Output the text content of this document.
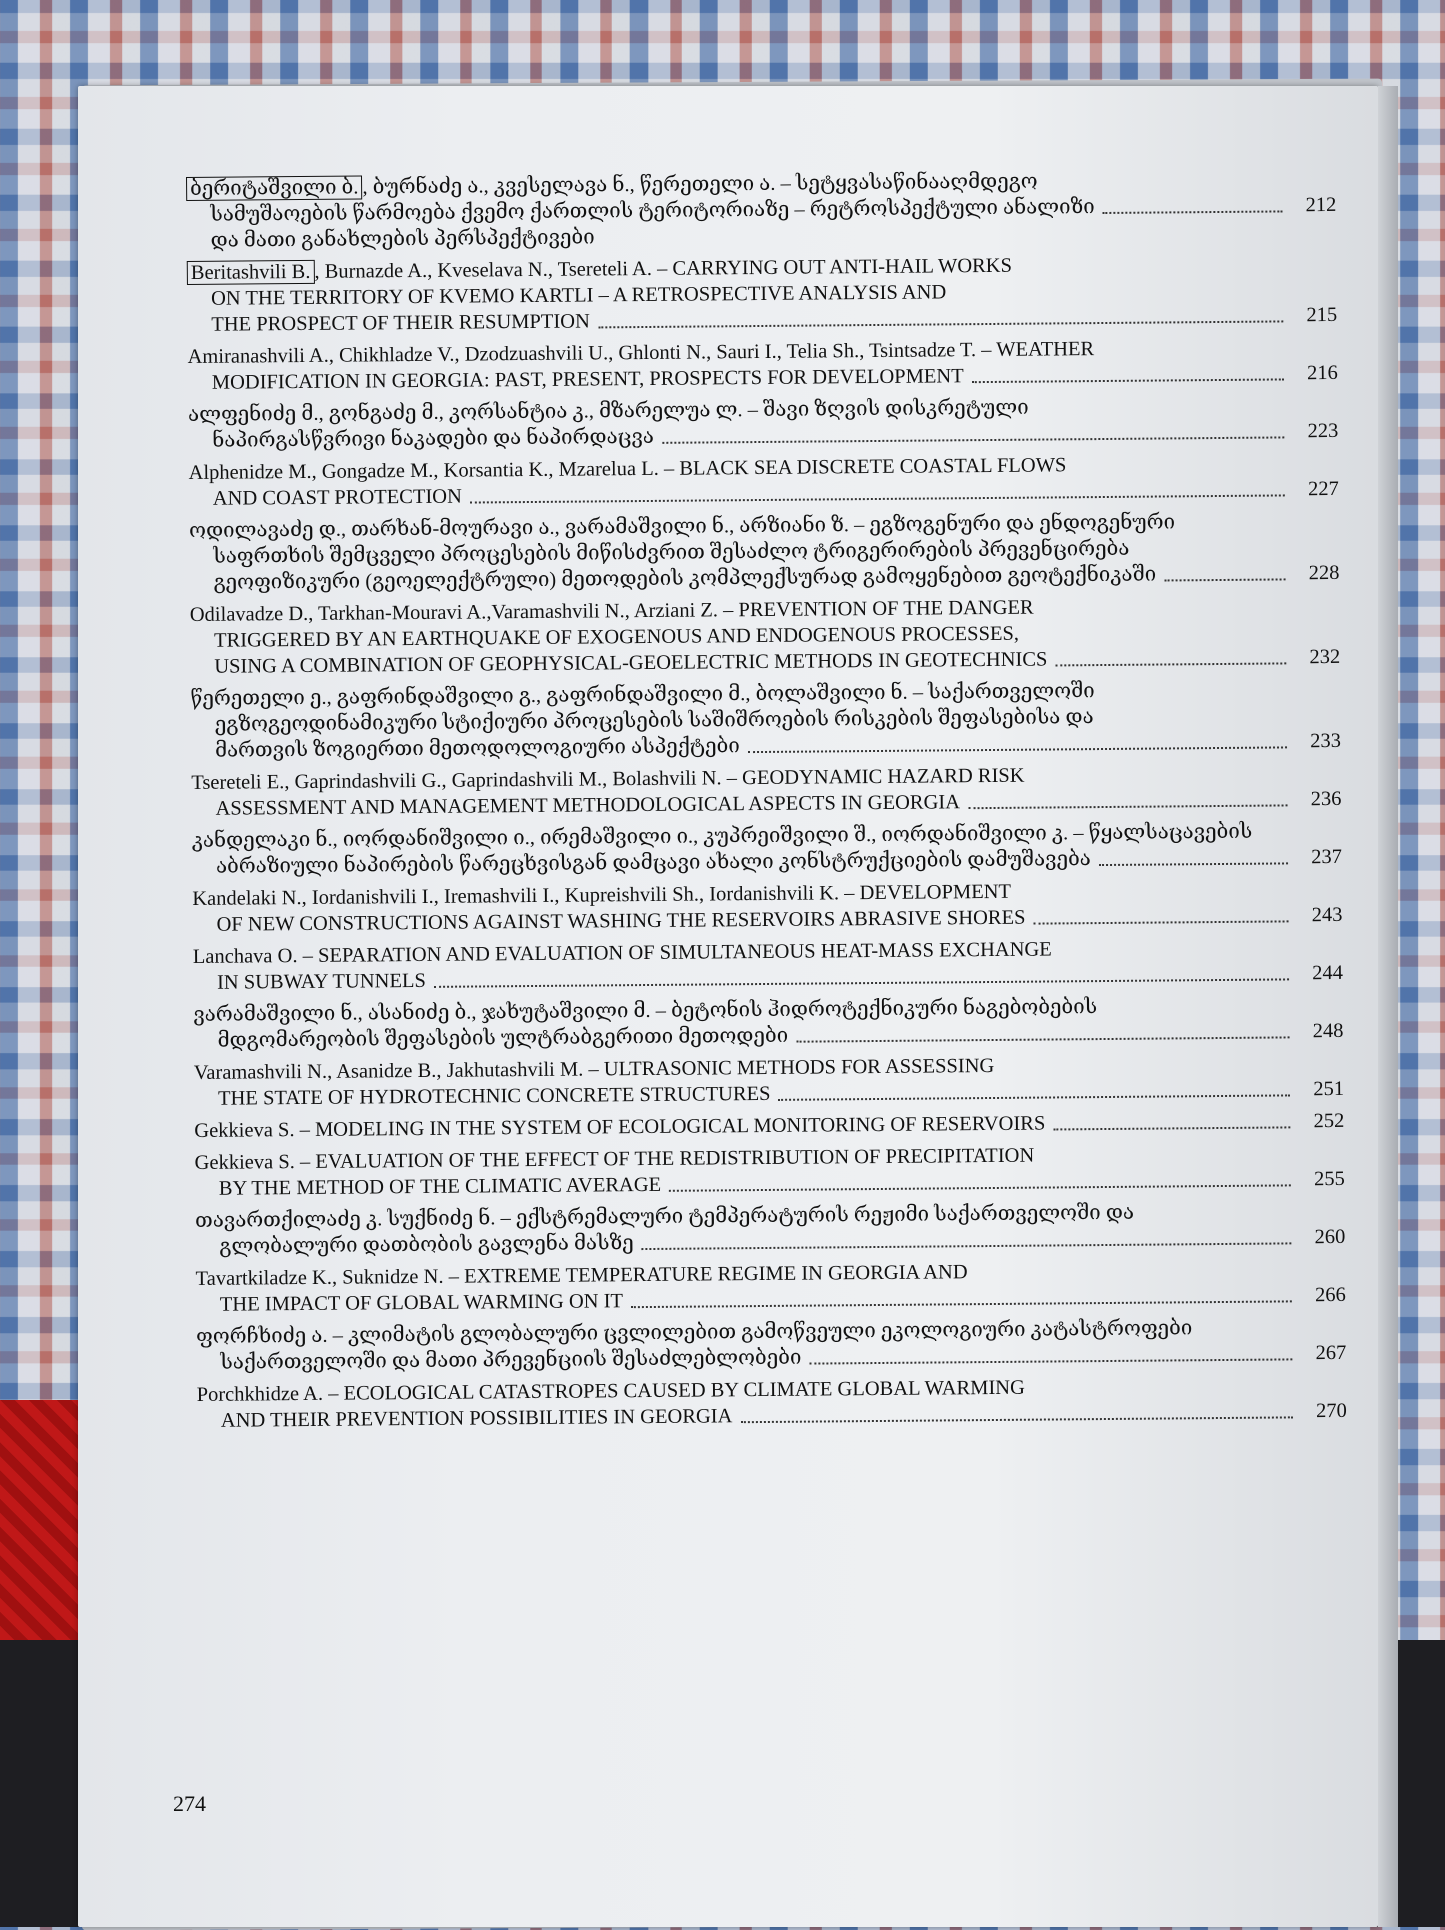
ბერიტაშვილი ბ. , ბურნაძე ა., კვესელავა ნ., წერეთელი ა. – სეტყვასაწინააღმდეგო
სამუშაოების წარმოება ქვემო ქართლის ტერიტორიაზე – რეტროსპექტული ანალიზი	212
და მათი განახლების პერსპექტივები
Beritashvili B. , Burnazde A., Kveselava N., Tsereteli A. – CARRYING OUT ANTI-HAIL WORKS
ON THE TERRITORY OF KVEMO KARTLI – A RETROSPECTIVE ANALYSIS AND
THE PROSPECT OF THEIR RESUMPTION	215
Amiranashvili A., Chikhladze V., Dzodzuashvili U., Ghlonti N., Sauri I., Telia Sh., Tsintsadze T. – WEATHER
MODIFICATION IN GEORGIA: PAST, PRESENT, PROSPECTS FOR DEVELOPMENT	216
ალფენიძე მ., გონგაძე მ., კორსანტია კ., მზარელუა ლ. – შავი ზღვის დისკრეტული
ნაპირგასწვრივი ნაკადები და ნაპირდაცვა	223
Alphenidze M., Gongadze M., Korsantia K., Mzarelua L. – BLACK SEA DISCRETE COASTAL FLOWS
AND COAST PROTECTION	227
ოდილავაძე დ., თარხან-მოურავი ა., ვარამაშვილი ნ., არზიანი ზ. – ეგზოგენური და ენდოგენური
საფრთხის შემცველი პროცესების მიწისძვრით შესაძლო ტრიგერირების პრევენცირება
გეოფიზიკური (გეოელექტრული) მეთოდების კომპლექსურად გამოყენებით გეოტექნიკაში	228
Odilavadze D., Tarkhan-Mouravi A.,Varamashvili N., Arziani Z. – PREVENTION OF THE DANGER
TRIGGERED BY AN EARTHQUAKE OF EXOGENOUS AND ENDOGENOUS PROCESSES,
USING A COMBINATION OF GEOPHYSICAL-GEOELECTRIC METHODS IN GEOTECHNICS	232
წერეთელი ე., გაფრინდაშვილი გ., გაფრინდაშვილი მ., ბოლაშვილი ნ. – საქართველოში
ეგზოგეოდინამიკური სტიქიური პროცესების საშიშროების რისკების შეფასებისა და
მართვის ზოგიერთი მეთოდოლოგიური ასპექტები	233
Tsereteli E., Gaprindashvili G., Gaprindashvili M., Bolashvili N. – GEODYNAMIC HAZARD RISK
ASSESSMENT AND MANAGEMENT METHODOLOGICAL ASPECTS IN GEORGIA	236
კანდელაკი ნ., იორდანიშვილი ი., ირემაშვილი ი., კუპრეიშვილი შ., იორდანიშვილი კ. – წყალსაცავების
აბრაზიული ნაპირების წარეცხვისგან დამცავი ახალი კონსტრუქციების დამუშავება	237
Kandelaki N., Iordanishvili I., Iremashvili I., Kupreishvili Sh., Iordanishvili K. – DEVELOPMENT
OF NEW CONSTRUCTIONS AGAINST WASHING THE RESERVOIRS ABRASIVE SHORES	243
Lanchava O. – SEPARATION AND EVALUATION OF SIMULTANEOUS HEAT-MASS EXCHANGE
IN SUBWAY TUNNELS	244
ვარამაშვილი ნ., ასანიძე ბ., ჯახუტაშვილი მ. – ბეტონის ჰიდროტექნიკური ნაგებობების
მდგომარეობის შეფასების ულტრაბგერითი მეთოდები	248
Varamashvili N., Asanidze B., Jakhutashvili M. – ULTRASONIC METHODS FOR ASSESSING
THE STATE OF HYDROTECHNIC CONCRETE STRUCTURES	251
Gekkieva S. – MODELING IN THE SYSTEM OF ECOLOGICAL MONITORING OF RESERVOIRS	252
Gekkieva S. – EVALUATION OF THE EFFECT OF THE REDISTRIBUTION OF PRECIPITATION
BY THE METHOD OF THE CLIMATIC AVERAGE	255
თავართქილაძე კ. სუქნიძე ნ. – ექსტრემალური ტემპერატურის რეჟიმი საქართველოში და
გლობალური დათბობის გავლენა მასზე	260
Tavartkiladze K., Suknidze N. – EXTREME TEMPERATURE REGIME IN GEORGIA AND
THE IMPACT OF GLOBAL WARMING ON IT	266
ფორჩხიძე ა. – კლიმატის გლობალური ცვლილებით გამოწვეული ეკოლოგიური კატასტროფები
საქართველოში და მათი პრევენციის შესაძლებლობები	267
Porchkhidze A. – ECOLOGICAL CATASTROPES CAUSED BY CLIMATE GLOBAL WARMING
AND THEIR PREVENTION POSSIBILITIES IN GEORGIA	270
274
